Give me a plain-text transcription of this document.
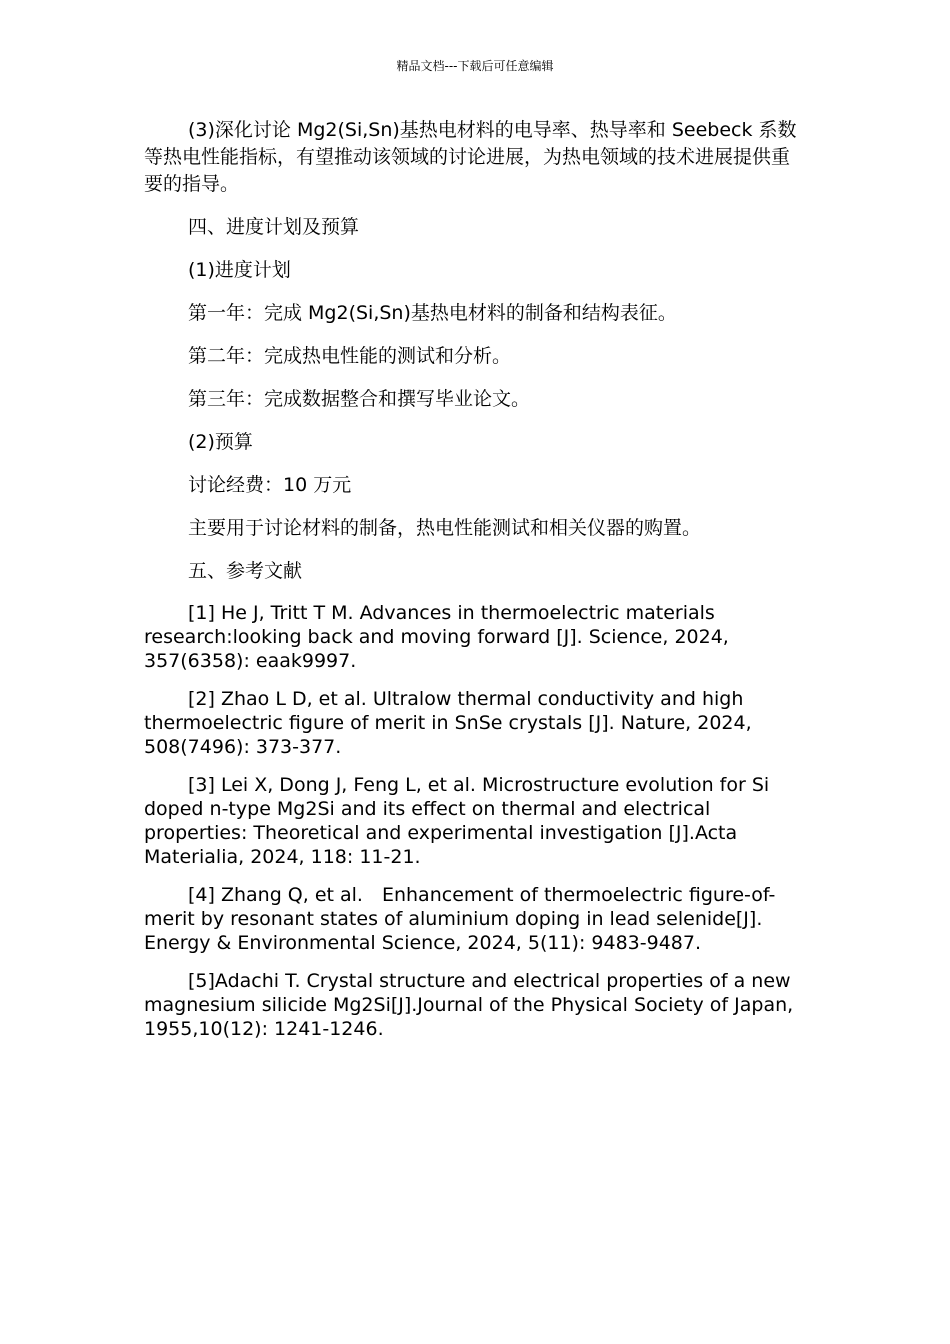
精品文档---下载后可任意编辑

(3)深化讨论 Mg2(Si,Sn)基热电材料的电导率、热导率和 Seebeck 系数等热电性能指标，有望推动该领域的讨论进展，为热电领域的技术进展提供重要的指导。

四、进度计划及预算

(1)进度计划

第一年：完成 Mg2(Si,Sn)基热电材料的制备和结构表征。

第二年：完成热电性能的测试和分析。

第三年：完成数据整合和撰写毕业论文。

(2)预算

讨论经费：10 万元

主要用于讨论材料的制备，热电性能测试和相关仪器的购置。

五、参考文献

[1] He J, Tritt T M. Advances in thermoelectric materials research:looking back and moving forward [J]. Science, 2024, 357(6358): eaak9997.

[2] Zhao L D, et al. Ultralow thermal conductivity and high thermoelectric figure of merit in SnSe crystals [J]. Nature, 2024, 508(7496): 373-377.

[3] Lei X, Dong J, Feng L, et al. Microstructure evolution for Si doped n-type Mg2Si and its effect on thermal and electrical properties: Theoretical and experimental investigation [J].Acta Materialia, 2024, 118: 11-21.

[4] Zhang Q, et al.　Enhancement of thermoelectric figure-of-merit by resonant states of aluminium doping in lead selenide[J]. Energy & Environmental Science, 2024, 5(11): 9483-9487.

[5]Adachi T. Crystal structure and electrical properties of a new magnesium silicide Mg2Si[J].Journal of the Physical Society of Japan, 1955,10(12): 1241-1246.
